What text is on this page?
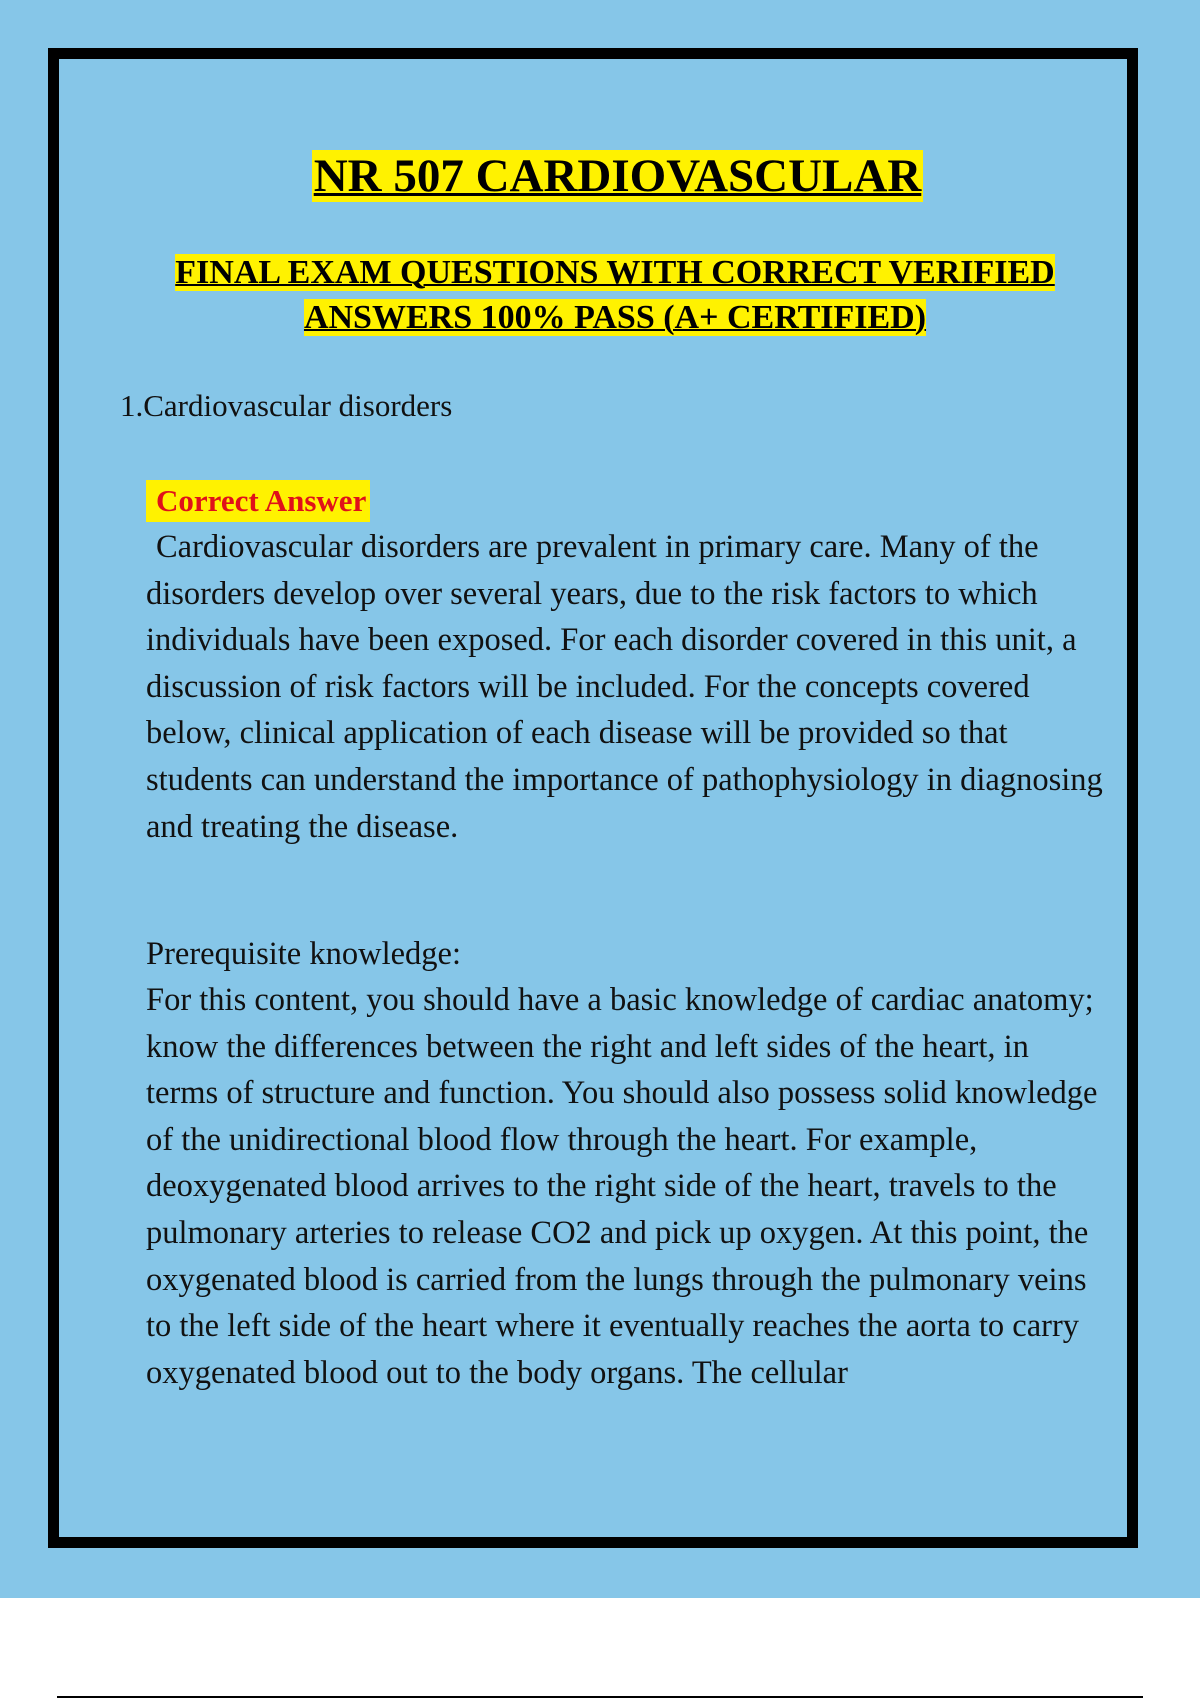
NR 507 CARDIOVASCULAR
FINAL EXAM QUESTIONS WITH CORRECT VERIFIED ANSWERS 100% PASS (A+ CERTIFIED)
1.Cardiovascular disorders
Correct Answer

Cardiovascular disorders are prevalent in primary care. Many of the disorders develop over several years, due to the risk factors to which individuals have been exposed. For each disorder covered in this unit, a discussion of risk factors will be included. For the concepts covered below, clinical application of each disease will be provided so that students can understand the importance of pathophysiology in diagnosing and treating the disease.

Prerequisite knowledge:

For this content, you should have a basic knowledge of cardiac anatomy; know the differences between the right and left sides of the heart, in terms of structure and function. You should also possess solid knowledge of the unidirectional blood flow through the heart. For example, deoxygenated blood arrives to the right side of the heart, travels to the pulmonary arteries to release CO2 and pick up oxygen. At this point, the oxygenated blood is carried from the lungs through the pulmonary veins to the left side of the heart where it eventually reaches the aorta to carry oxygenated blood out to the body organs. The cellular
